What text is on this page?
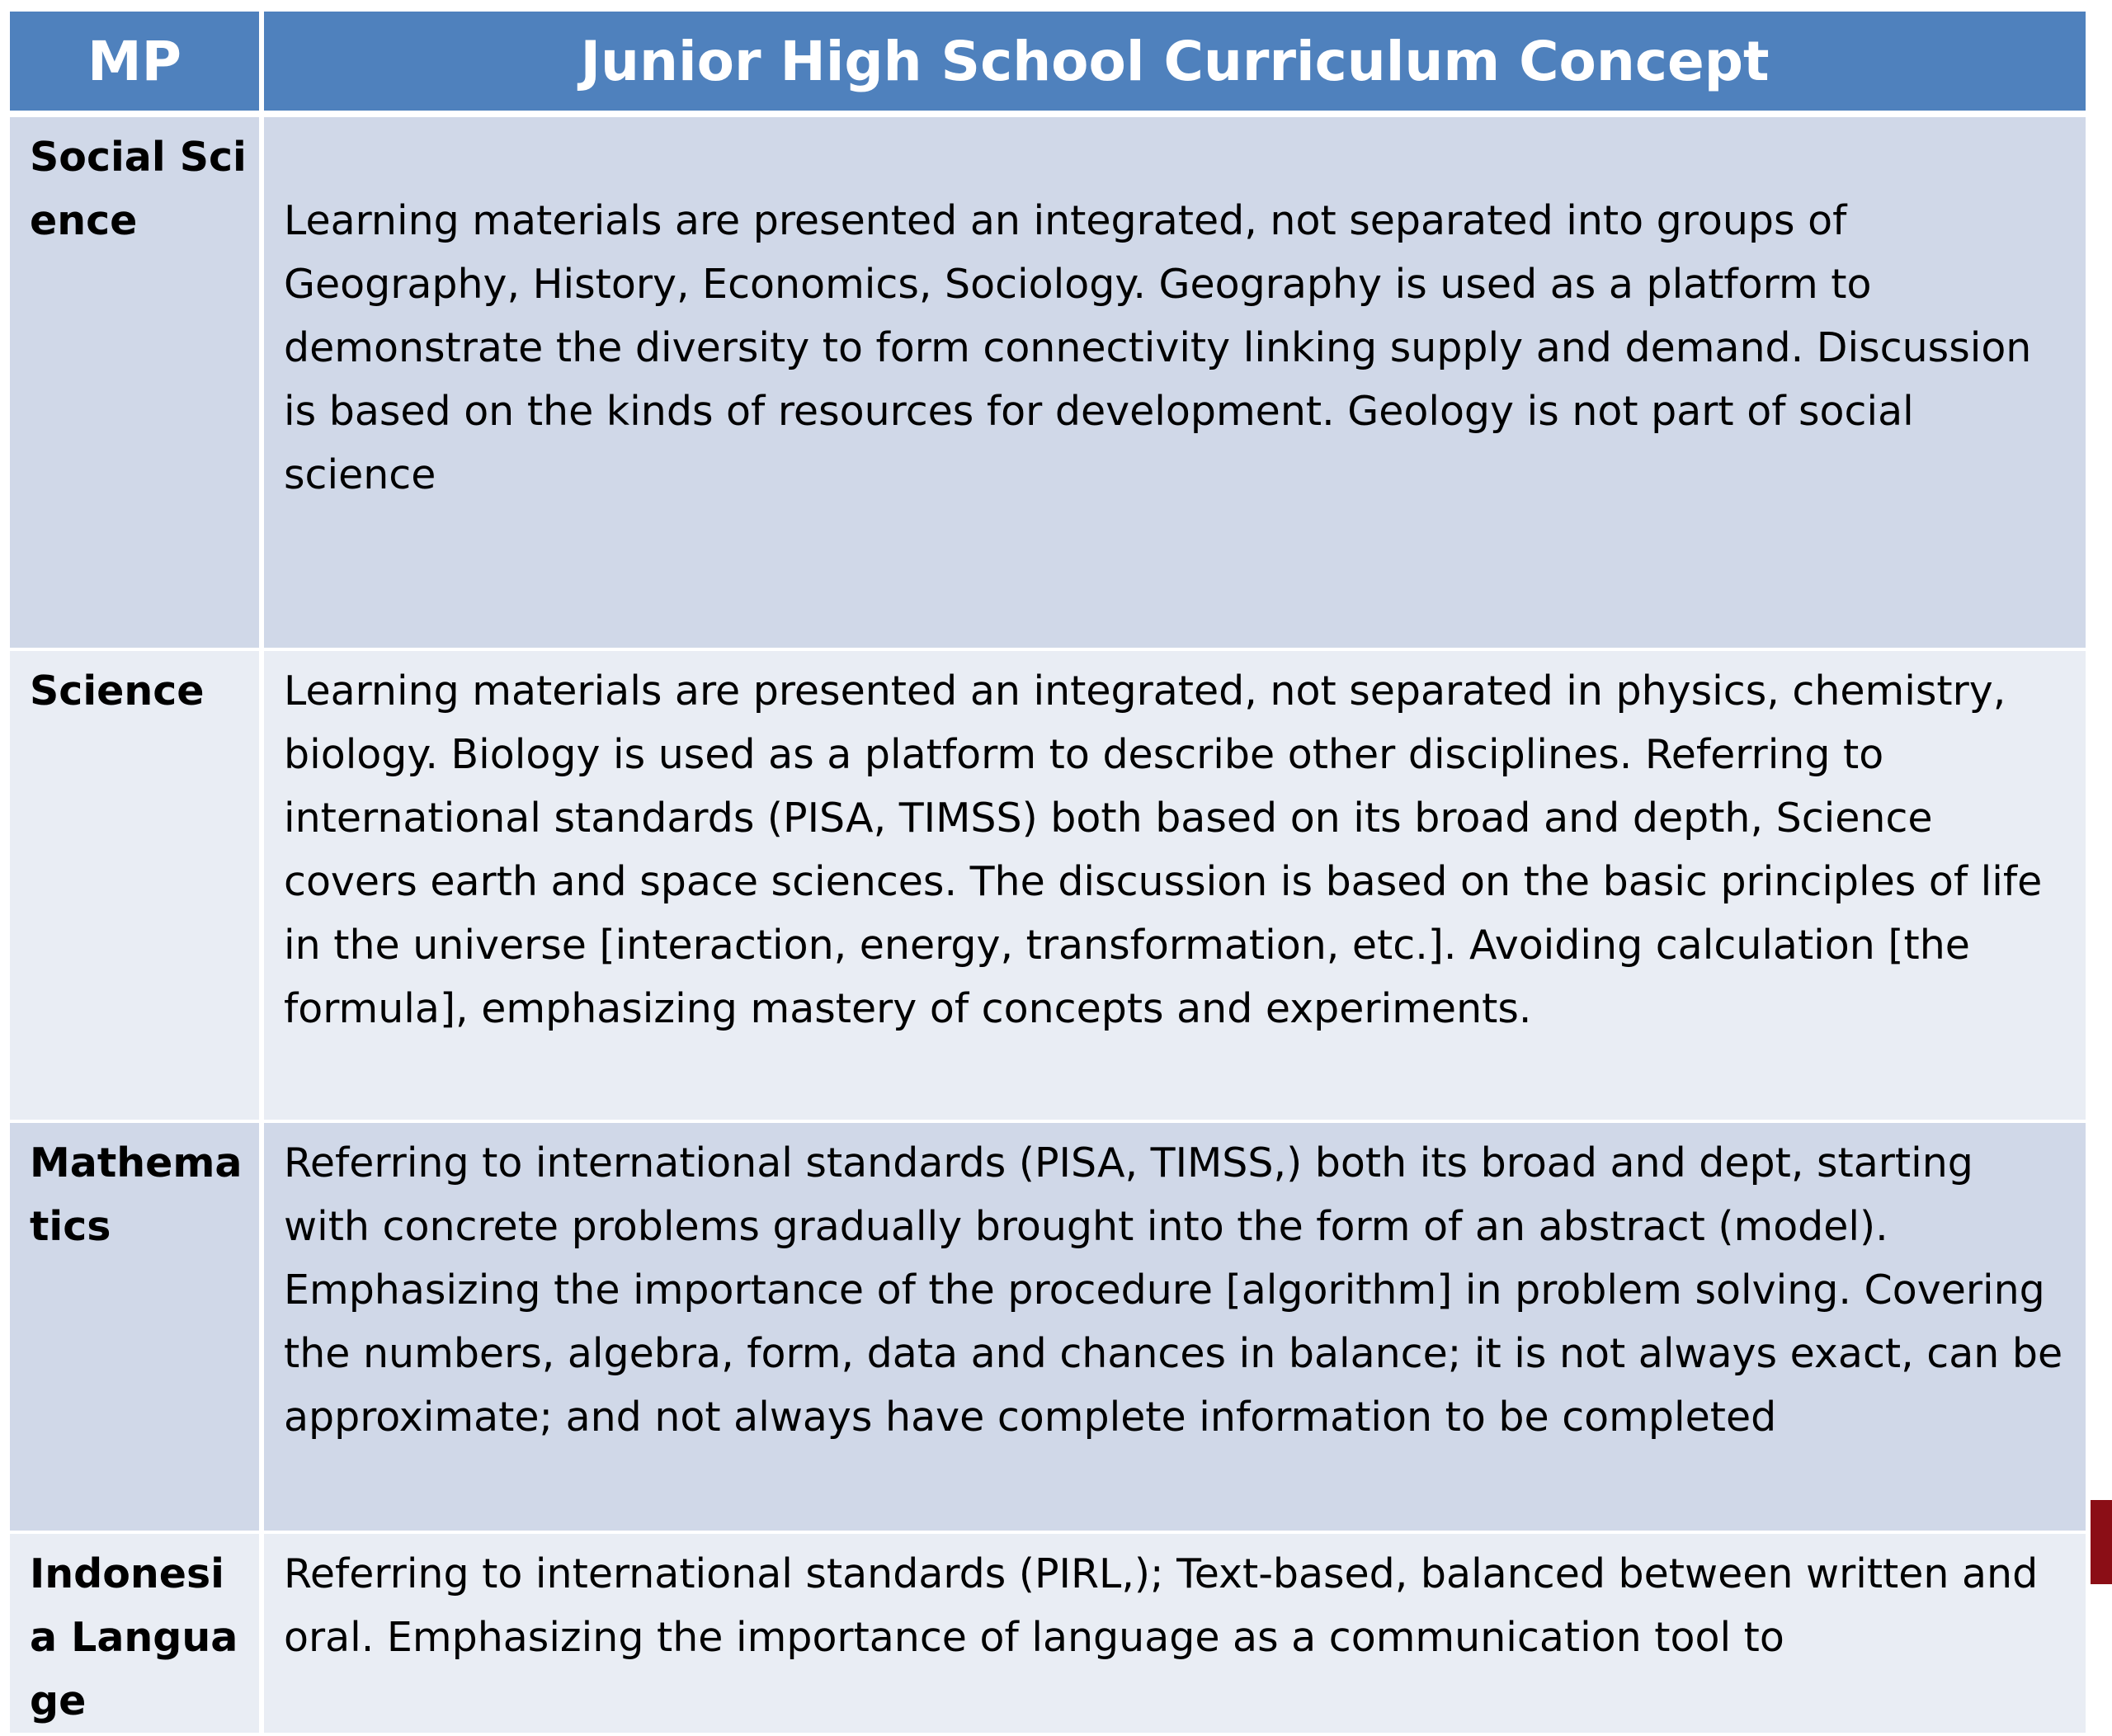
MP	Junior High School Curriculum Concept
Social Science	Learning materials are presented an integrated, not separated into groups of Geography, History, Economics, Sociology. Geography is used as a platform to demonstrate the diversity to form connectivity linking supply and demand. Discussion is based on the kinds of resources for development. Geology is not part of social science
Science	Learning materials are presented an integrated, not separated in physics, chemistry, biology. Biology is used as a platform to describe other disciplines. Referring to international standards (PISA, TIMSS) both based on its broad and depth, Science covers earth and space sciences. The discussion is based on the basic principles of life in the universe [interaction, energy, transformation, etc.]. Avoiding calculation [the formula], emphasizing mastery of concepts and experiments.
Mathematics	Referring to international standards (PISA, TIMSS,) both its broad and dept, starting with concrete problems gradually brought into the form of an abstract (model). Emphasizing the importance of the procedure [algorithm] in problem solving. Covering the numbers, algebra, form, data and chances in balance; it is not always exact, can be approximate; and not always have complete information to be completed
Indonesia Language	Referring to international standards (PIRL,); Text-based, balanced between written and oral. Emphasizing the importance of language as a communication tool to
